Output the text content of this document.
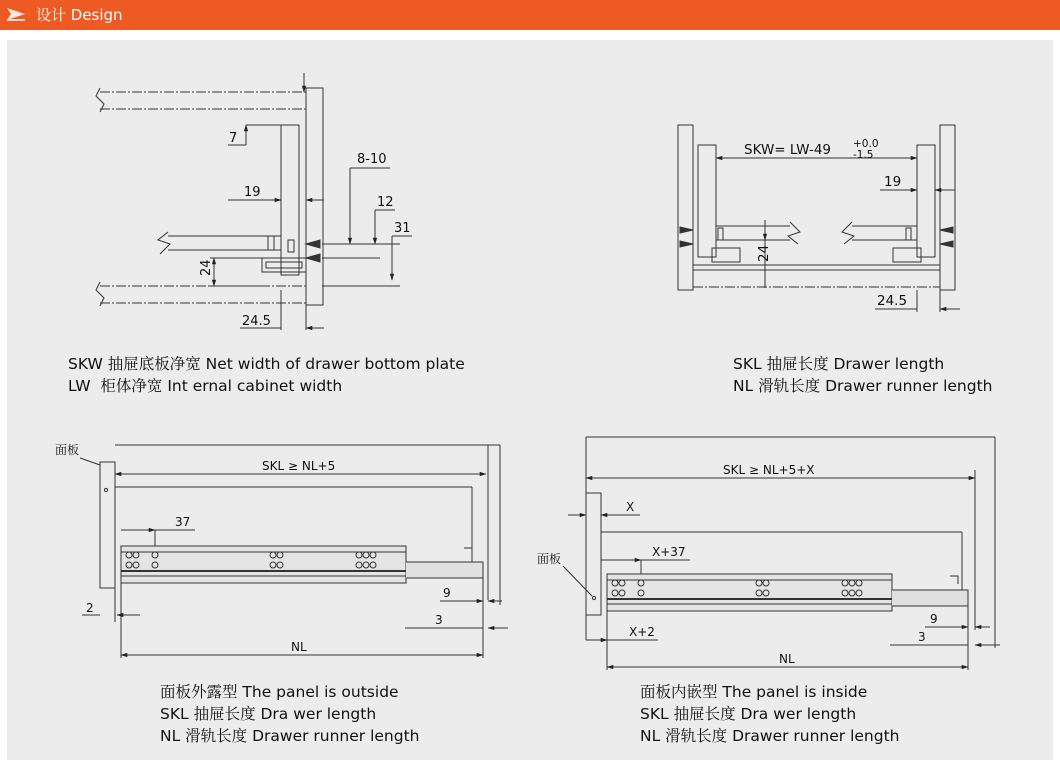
设计 Design
7
19
8-10
12
31
24
24.5
SKW= LW-49 +0.0
-1.5
19
24
24.5
面板
SKL ≥ NL+5
37
2
9
3
NL
面板
SKL ≥ NL+5+X
X
X+37
X+2
9
3
NL
SKW 抽屉底板净宽 Net width of drawer bottom plate
LW  柜体净宽 Int ernal cabinet width
SKL 抽屉长度 Drawer length
NL 滑轨长度 Drawer runner length
面板外露型 The panel is outside
SKL 抽屉长度 Dra wer length
NL 滑轨长度 Drawer runner length
面板内嵌型 The panel is inside
SKL 抽屉长度 Dra wer length
NL 滑轨长度 Drawer runner length
